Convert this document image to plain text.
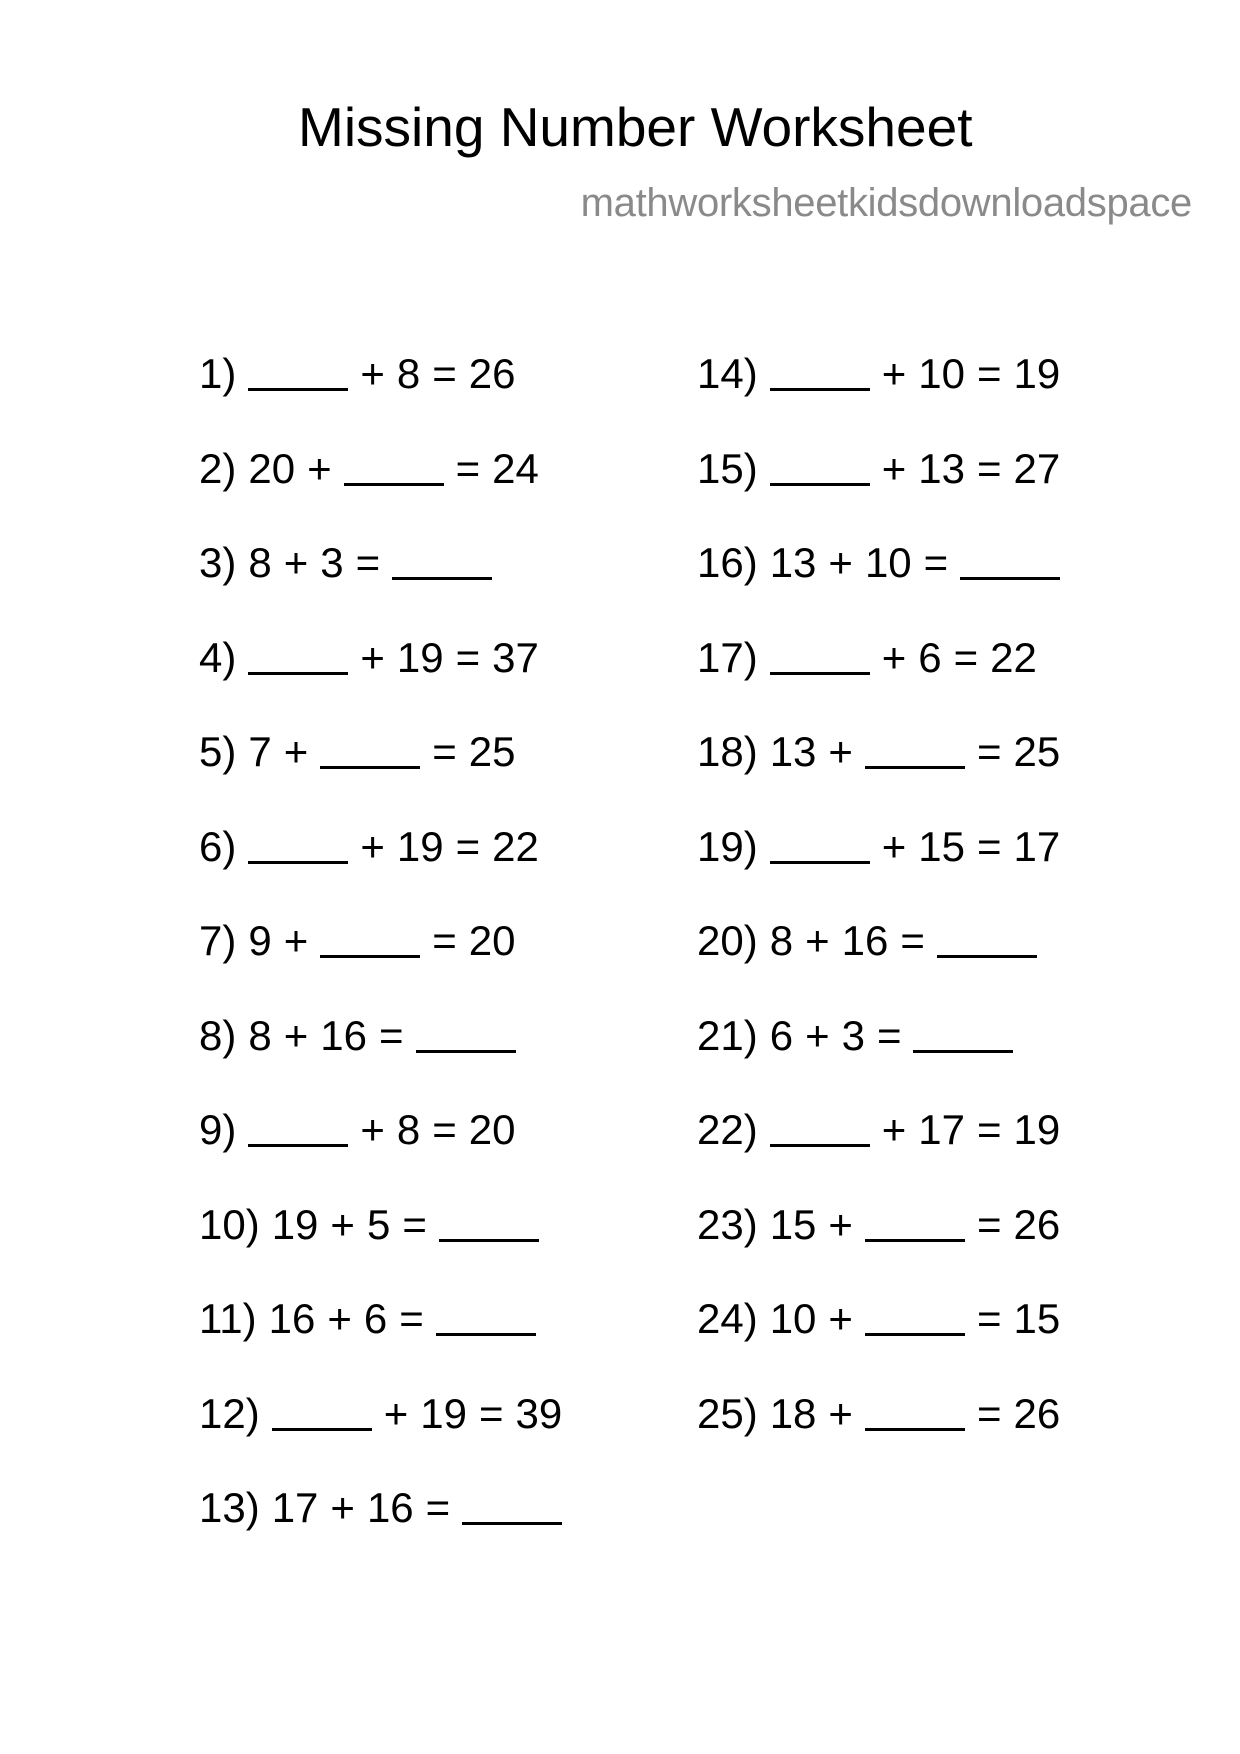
Missing Number Worksheet
mathworksheetkidsdownloadspace
1)	+ 8 = 26
2) 20 +	= 24
3) 8 + 3 =
4)	+ 19 = 37
5) 7 +	= 25
6)	+ 19 = 22
7) 9 +	= 20
8) 8 + 16 =
9)	+ 8 = 20
10) 19 + 5 =
11) 16 + 6 =
12)	+ 19 = 39
13) 17 + 16 =
14)	+ 10 = 19
15)	+ 13 = 27
16) 13 + 10 =
17)	+ 6 = 22
18) 13 +	= 25
19)	+ 15 = 17
20) 8 + 16 =
21) 6 + 3 =
22)	+ 17 = 19
23) 15 +	= 26
24) 10 +	= 15
25) 18 +	= 26
